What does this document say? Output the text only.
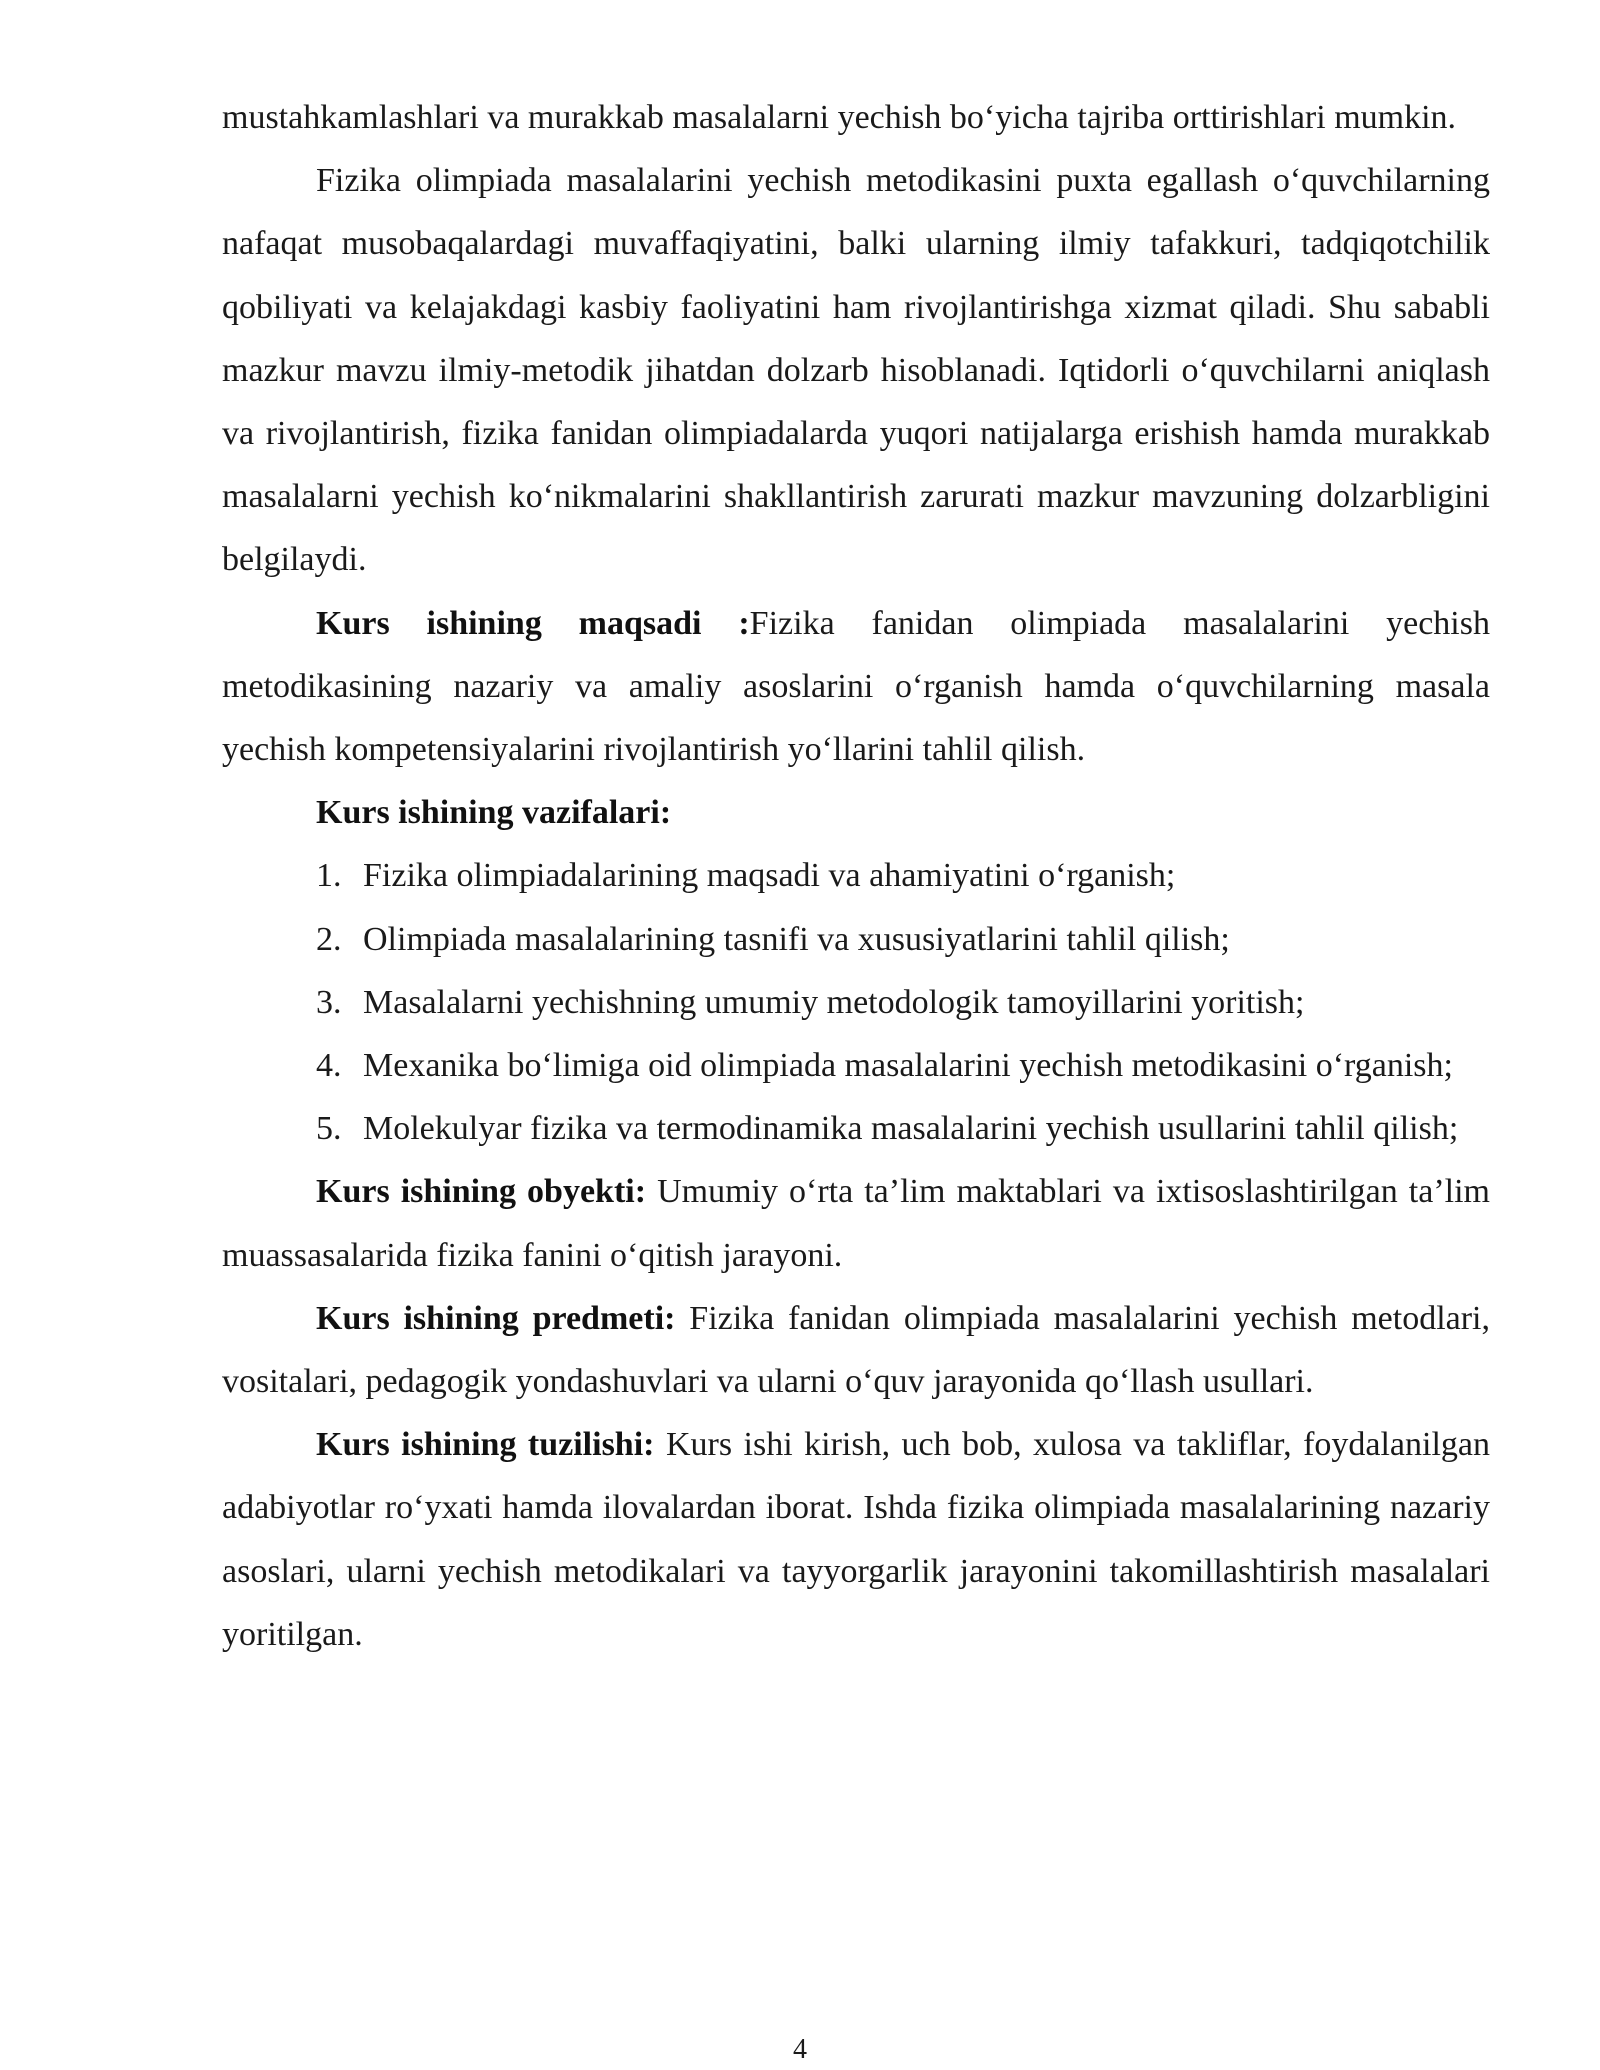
mustahkamlashlari va murakkab masalalarni yechish bo‘yicha tajriba orttirishlari mumkin.

Fizika olimpiada masalalarini yechish metodikasini puxta egallash o‘quvchilarning nafaqat musobaqalardagi muvaffaqiyatini, balki ularning ilmiy tafakkuri, tadqiqotchilik qobiliyati va kelajakdagi kasbiy faoliyatini ham rivojlantirishga xizmat qiladi. Shu sababli mazkur mavzu ilmiy-metodik jihatdan dolzarb hisoblanadi. Iqtidorli o‘quvchilarni aniqlash va rivojlantirish, fizika fanidan olimpiadalarda yuqori natijalarga erishish hamda murakkab masalalarni yechish ko‘nikmalarini shakllantirish zarurati mazkur mavzuning dolzarbligini belgilaydi.

Kurs ishining maqsadi :Fizika fanidan olimpiada masalalarini yechish metodikasining nazariy va amaliy asoslarini o‘rganish hamda o‘quvchilarning masala yechish kompetensiyalarini rivojlantirish yo‘llarini tahlil qilish.

Kurs ishining vazifalari:

1. Fizika olimpiadalarining maqsadi va ahamiyatini o‘rganish;
2. Olimpiada masalalarining tasnifi va xususiyatlarini tahlil qilish;
3. Masalalarni yechishning umumiy metodologik tamoyillarini yoritish;
4. Mexanika bo‘limiga oid olimpiada masalalarini yechish metodikasini o‘rganish;
5. Molekulyar fizika va termodinamika masalalarini yechish usullarini tahlil qilish;

Kurs ishining obyekti: Umumiy o‘rta ta’lim maktablari va ixtisoslashtirilgan ta’lim muassasalarida fizika fanini o‘qitish jarayoni.

Kurs ishining predmeti: Fizika fanidan olimpiada masalalarini yechish metodlari, vositalari, pedagogik yondashuvlari va ularni o‘quv jarayonida qo‘llash usullari.

Kurs ishining tuzilishi: Kurs ishi kirish, uch bob, xulosa va takliflar, foydalanilgan adabiyotlar ro‘yxati hamda ilovalardan iborat. Ishda fizika olimpiada masalalarining nazariy asoslari, ularni yechish metodikalari va tayyorgarlik jarayonini takomillashtirish masalalari yoritilgan.

4
